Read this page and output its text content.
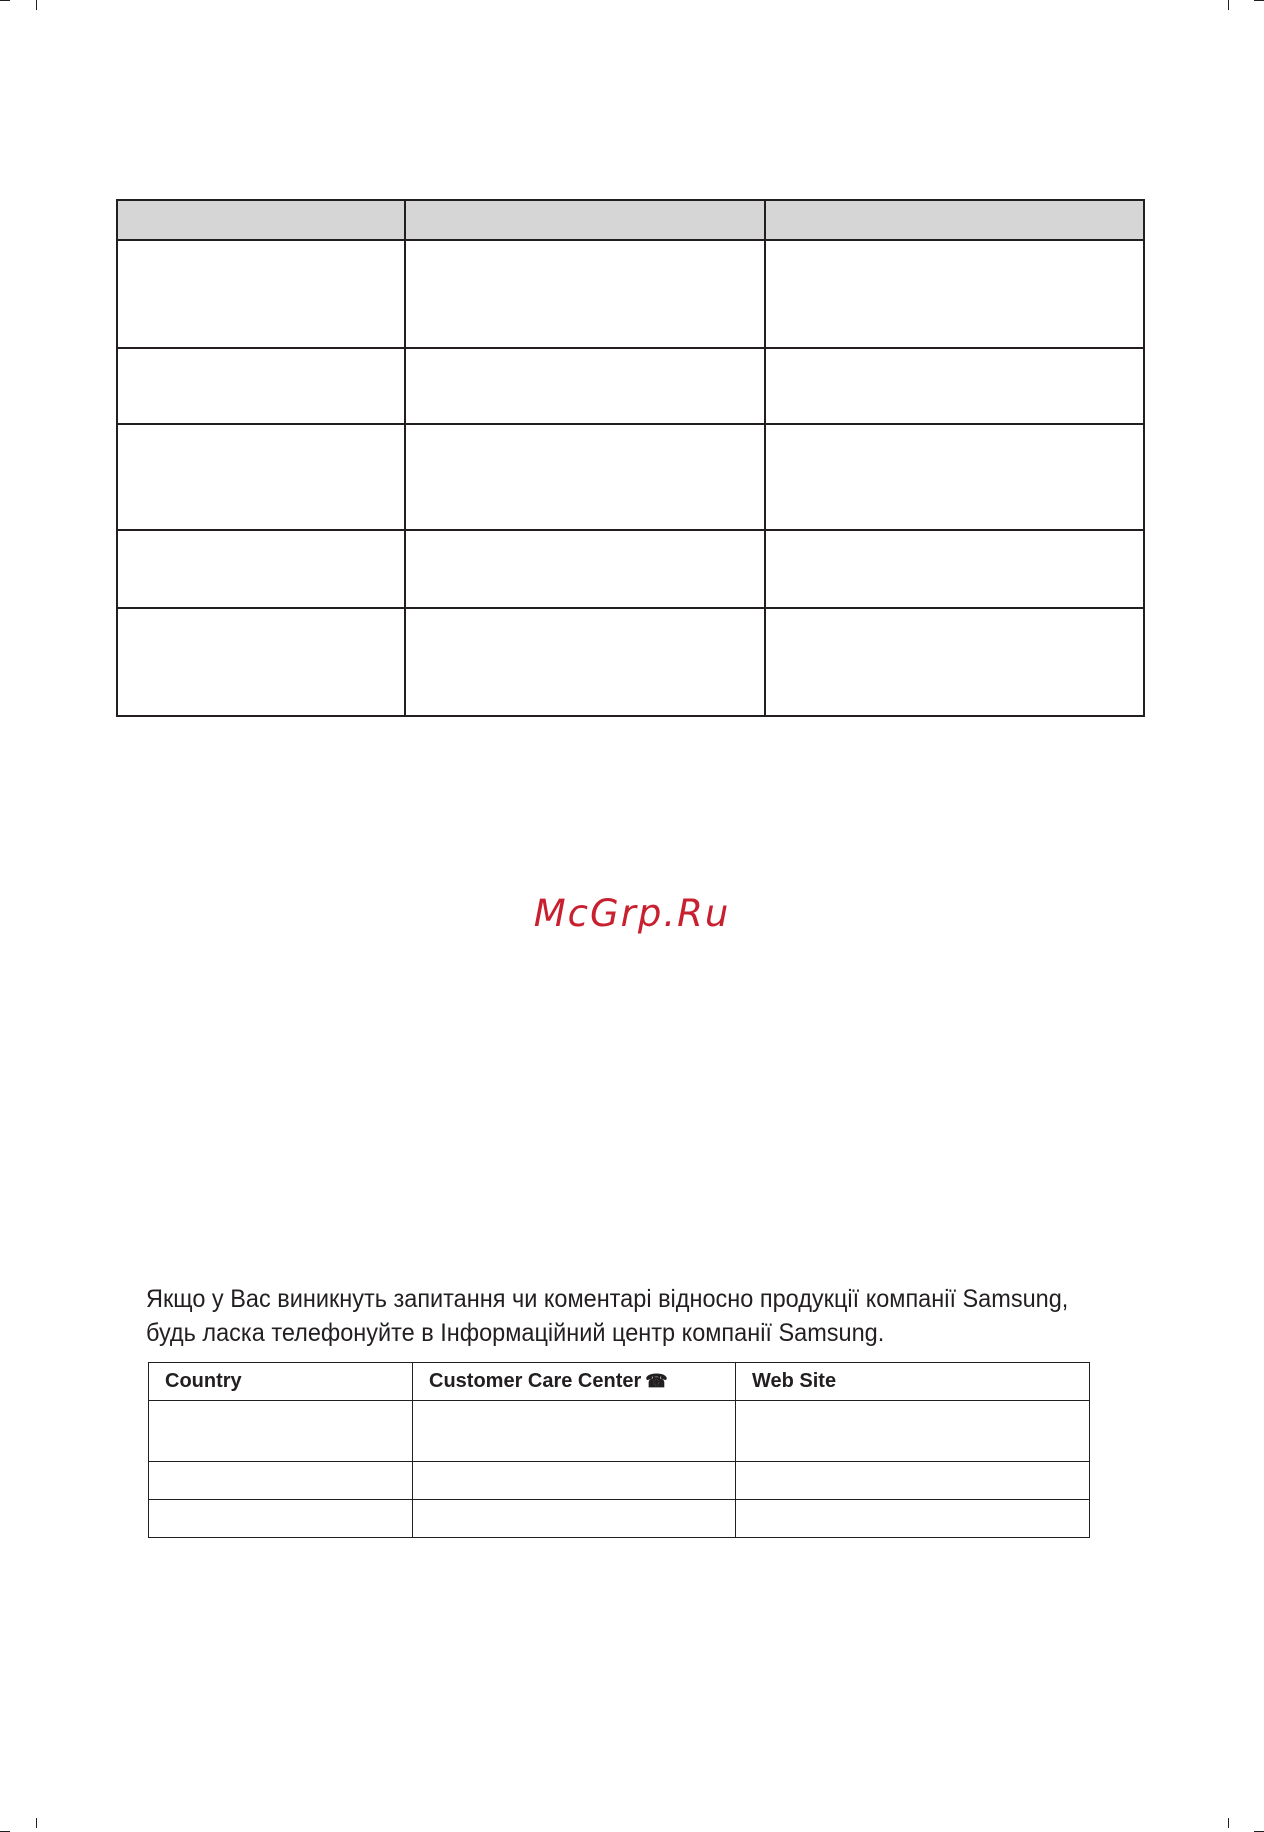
McGrp.Ru
Якщо у Вас виникнуть запитання чи коментарі відносно продукції компанії Samsung,
будь ласка телефонуйте в Інформаційний центр компанії Samsung.
Country	Customer Care Center ☎	Web Site
